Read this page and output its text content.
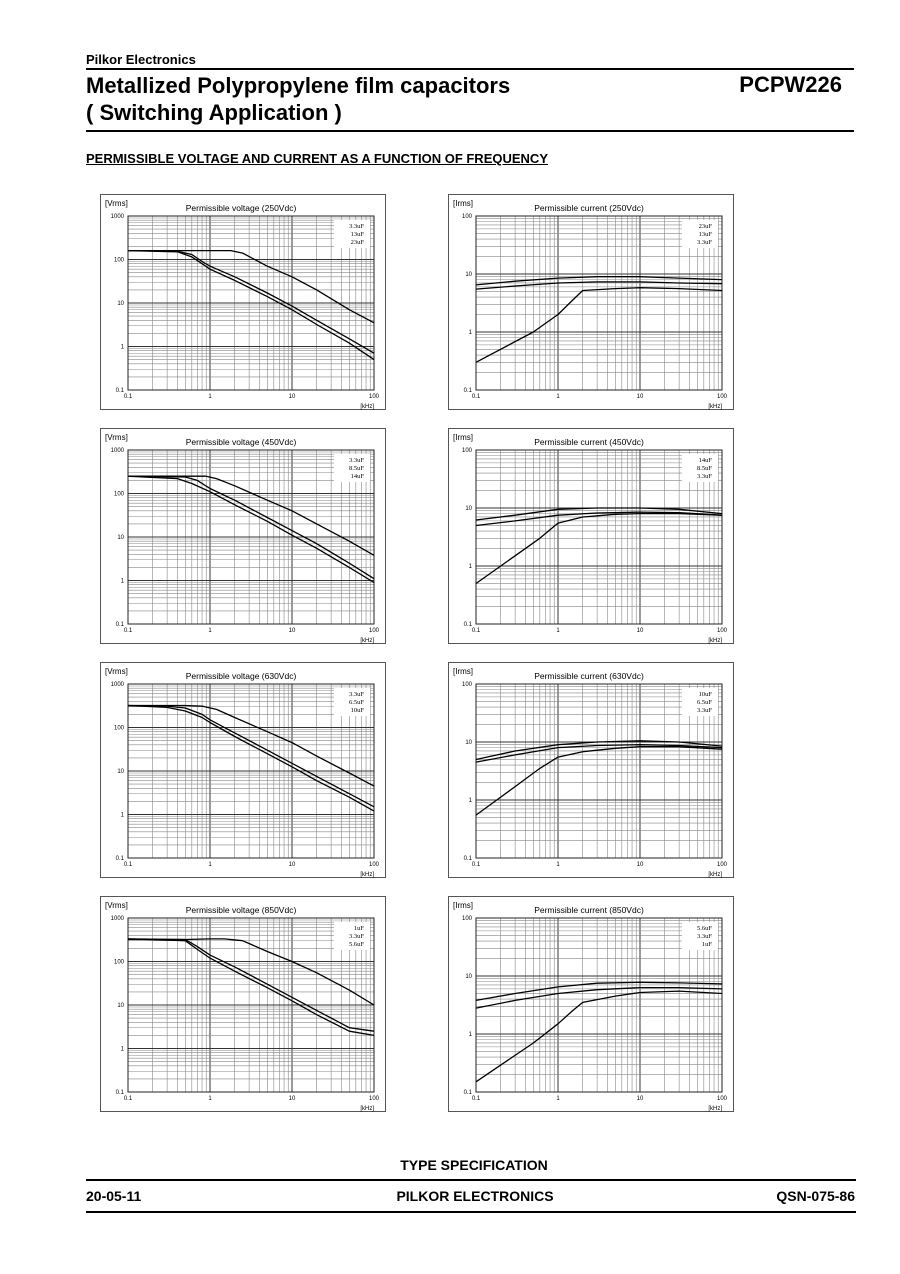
Pilkor Electronics
Metallized Polypropylene film capacitors
( Switching Application )
PCPW226
PERMISSIBLE VOLTAGE AND CURRENT AS A FUNCTION OF FREQUENCY
0.1
1
10
100
1000
0.1	1	10	100
[Vrms]
[kHz]
Permissible voltage (250Vdc)
3.3uF
13uF
23uF
0.1
1
10
100
0.1	1	10	100
[Irms]
[kHz]
Permissible current (250Vdc)
23uF
13uF
3.3uF
0.1
1
10
100
1000
0.1	1	10	100
[Vrms]
[kHz]
Permissible voltage (450Vdc)
3.3uF
8.5uF
14uF
0.1
1
10
100
0.1	1	10	100
[Irms]
[kHz]
Permissible current (450Vdc)
14uF
8.5uF
3.3uF
0.1
1
10
100
1000
0.1	1	10	100
[Vrms]
[kHz]
Permissible voltage (630Vdc)
3.3uF
6.5uF
10uF
0.1
1
10
100
0.1	1	10	100
[Irms]
[kHz]
Permissible current (630Vdc)
10uF
6.5uF
3.3uF
0.1
1
10
100
1000
0.1	1	10	100
[Vrms]
[kHz]
Permissible voltage (850Vdc)
1uF
3.3uF
5.6uF
0.1
1
10
100
0.1	1	10	100
[Irms]
[kHz]
Permissible current (850Vdc)
5.6uF
3.3uF
1uF
TYPE SPECIFICATION
20-05-11	PILKOR ELECTRONICS	QSN-075-86
